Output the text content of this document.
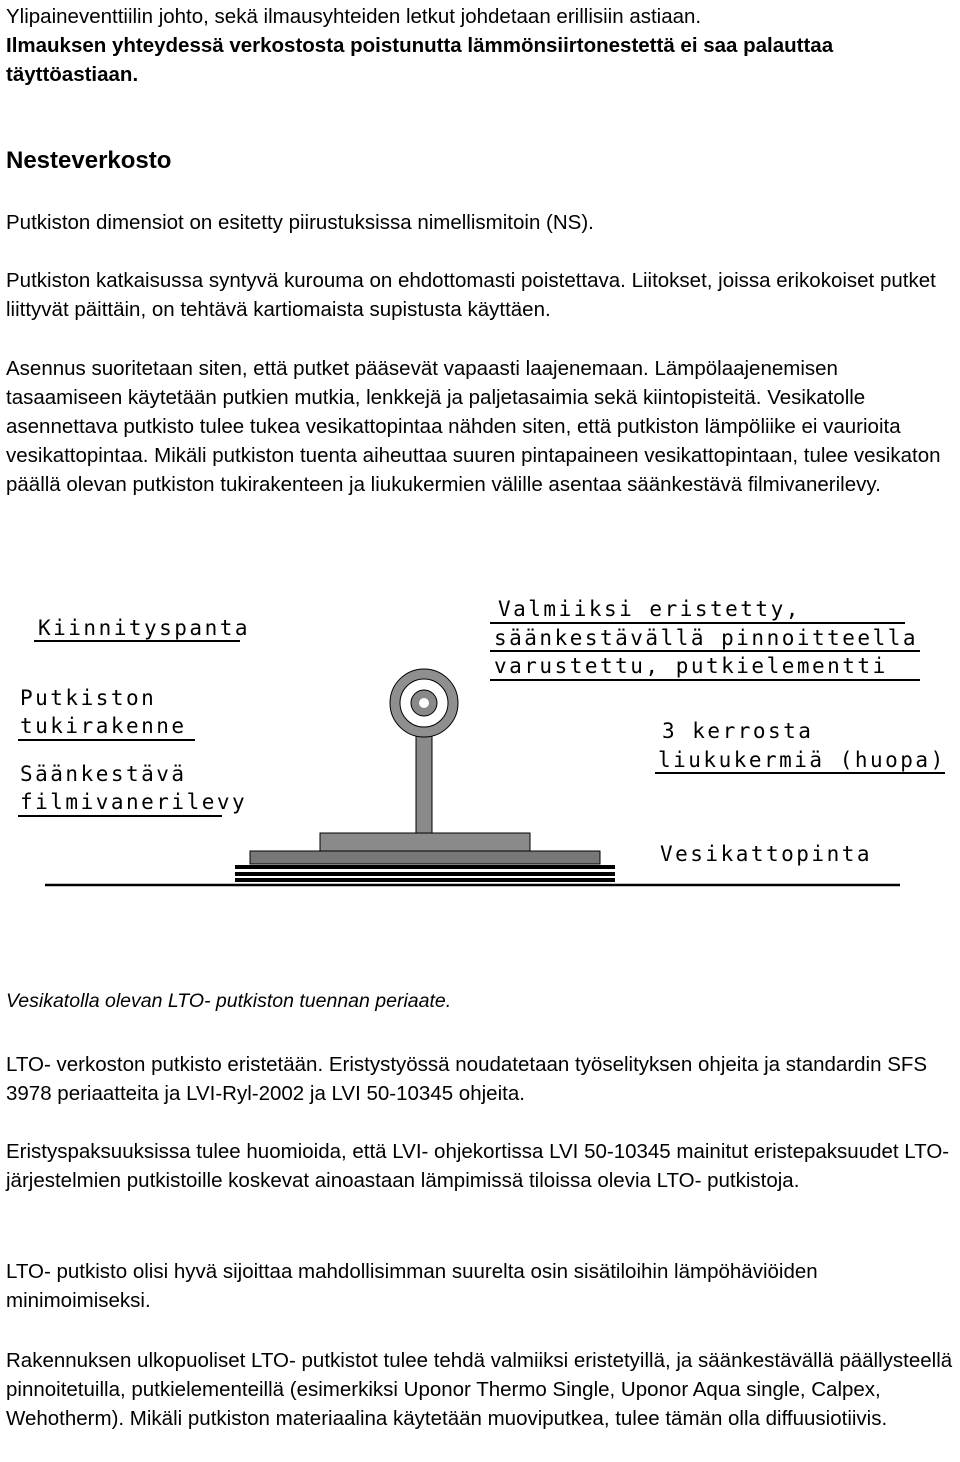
Ylipaineventtiilin johto, sekä ilmausyhteiden letkut johdetaan erillisiin astiaan.
Ilmauksen yhteydessä verkostosta poistunutta lämmönsiirtonestettä ei saa palauttaa täyttöastiaan.

Nesteverkosto

Putkiston dimensiot on esitetty piirustuksissa nimellismitoin (NS).

Putkiston katkaisussa syntyvä kurouma on ehdottomasti poistettava. Liitokset, joissa erikokoiset putket liittyvät päittäin, on tehtävä kartiomaista supistusta käyttäen.

Asennus suoritetaan siten, että putket pääsevät vapaasti laajenemaan. Lämpölaajenemisen tasaamiseen käytetään putkien mutkia, lenkkejä ja paljetasaimia sekä kiintopisteitä. Vesikatolle asennettava putkisto tulee tukea vesikattopintaa nähden siten, että putkiston lämpöliike ei vaurioita vesikattopintaa. Mikäli putkiston tuenta aiheuttaa suuren pintapaineen vesikattopintaan, tulee vesikaton päällä olevan putkiston tukirakenteen ja liukukermien välille asentaa säänkestävä filmivanerilevy.

Kiinnityspanta
Putkiston
tukirakenne
Säänkestävä
filmivanerilevy
Valmiiksi eristetty,
säänkestävällä pinnoitteella
varustettu, putkielementti
3 kerrosta
liukukermiä (huopa)
Vesikattopinta

Vesikatolla olevan LTO- putkiston tuennan periaate.

LTO- verkoston putkisto eristetään. Eristystyössä noudatetaan työselityksen ohjeita ja standardin SFS 3978 periaatteita ja LVI-Ryl-2002 ja LVI 50-10345 ohjeita.

Eristyspaksuuksissa tulee huomioida, että LVI- ohjekortissa LVI 50-10345 mainitut eristepaksuudet LTO- järjestelmien putkistoille koskevat ainoastaan lämpimissä tiloissa olevia LTO- putkistoja.

LTO- putkisto olisi hyvä sijoittaa mahdollisimman suurelta osin sisätiloihin lämpöhäviöiden minimoimiseksi.

Rakennuksen ulkopuoliset LTO- putkistot tulee tehdä valmiiksi eristetyillä, ja säänkestävällä päällysteellä pinnoitetuilla, putkielementeillä (esimerkiksi Uponor Thermo Single, Uponor Aqua single, Calpex, Wehotherm). Mikäli putkiston materiaalina käytetään muoviputkea, tulee tämän olla diffuusiotiivis.
